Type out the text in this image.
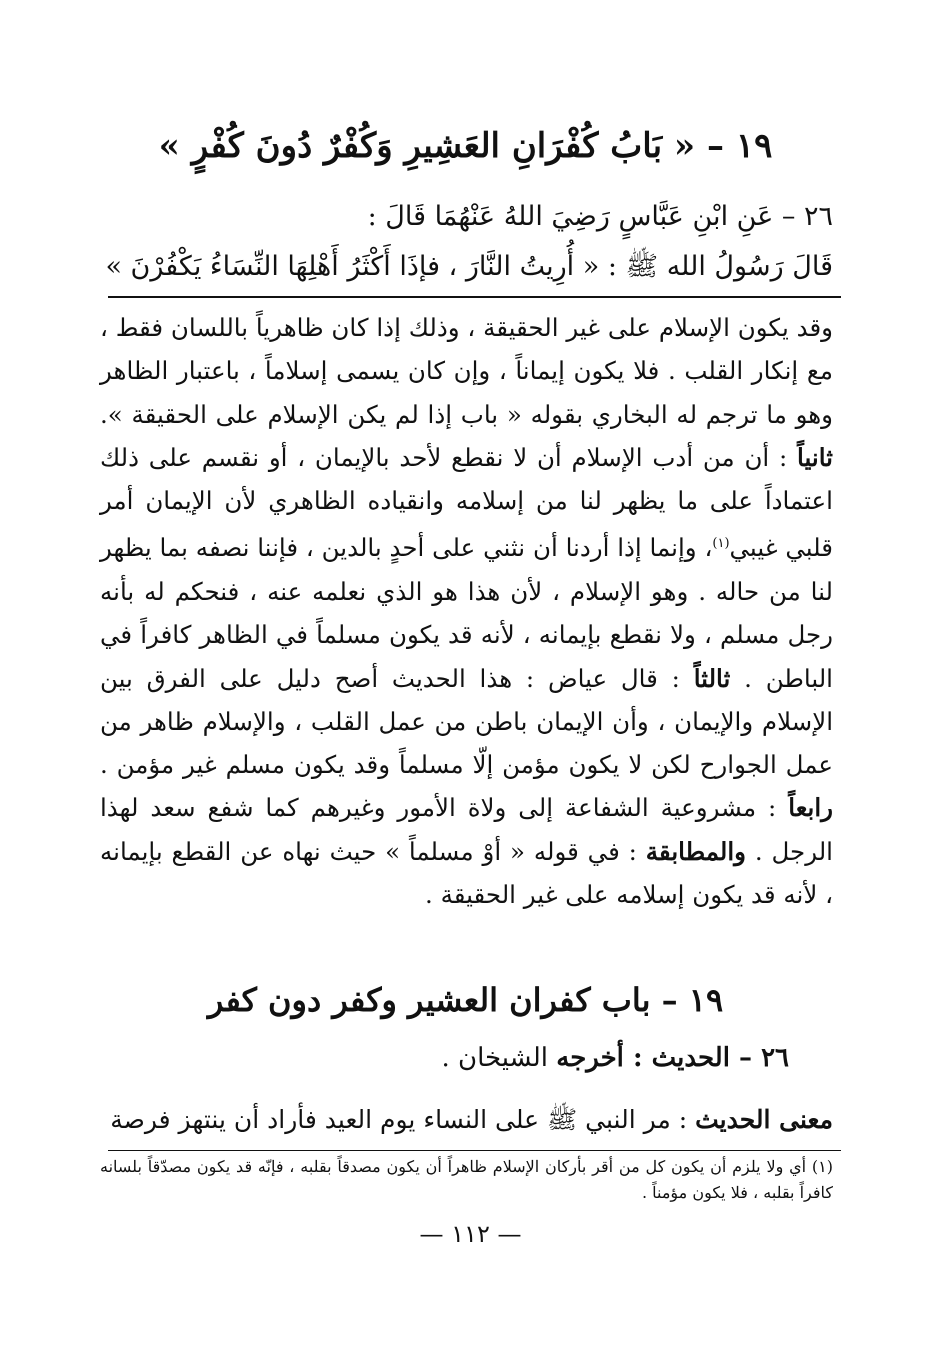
١٩ – « بَابُ كُفْرَانِ العَشِيرِ وَكُفْرٌ دُونَ كُفْرٍ »
٢٦ – عَنِ ابْنِ عَبَّاسٍ رَضِيَ اللهُ عَنْهُمَا قَالَ :
قَالَ رَسُولُ الله ﷺ : « أُرِيتُ النَّارَ ، فإذَا أَكْثَرُ أَهْلِهَا النِّسَاءُ يَكْفُرْنَ »

وقد يكون الإسلام على غير الحقيقة ، وذلك إذا كان ظاهرياً باللسان فقط ، مع إنكار القلب . فلا يكون إيماناً ، وإن كان يسمى إسلاماً ، باعتبار الظاهر وهو ما ترجم له البخاري بقوله « باب إذا لم يكن الإسلام على الحقيقة ». ثانياً : أن من أدب الإسلام أن لا نقطع لأحد بالإيمان ، أو نقسم على ذلك اعتماداً على ما يظهر لنا من إسلامه وانقياده الظاهري لأن الإيمان أمر قلبي غيبي$^{(١)}$، وإنما إذا أردنا أن نثني على أحدٍ بالدين ، فإننا نصفه بما يظهر لنا من حاله . وهو الإسلام ، لأن هذا هو الذي نعلمه عنه ، فنحكم له بأنه رجل مسلم ، ولا نقطع بإيمانه ، لأنه قد يكون مسلماً في الظاهر كافراً في الباطن . ثالثاً : قال عياض : هذا الحديث أصح دليل على الفرق بين الإسلام والإيمان ، وأن الإيمان باطن من عمل القلب ، والإسلام ظاهر من عمل الجوارح لكن لا يكون مؤمن إلّا مسلماً وقد يكون مسلم غير مؤمن . رابعاً : مشروعية الشفاعة إلى ولاة الأمور وغيرهم كما شفع سعد لهذا الرجل . والمطابقة : في قوله « أوْ مسلماً » حيث نهاه عن القطع بإيمانه ، لأنه قد يكون إسلامه على غير الحقيقة .

١٩ – باب كفران العشير وكفر دون كفر
٢٦ – الحديث : أخرجه الشيخان .
معنى الحديث : مر النبي ﷺ على النساء يوم العيد فأراد أن ينتهز فرصة
(١) أي ولا يلزم أن يكون كل من أقر بأركان الإسلام ظاهراً أن يكون مصدقاً بقلبه ، فإنّه قد يكون مصدّقاً بلسانه كافراً بقلبه ، فلا يكون مؤمناً .
— ١١٢ —
